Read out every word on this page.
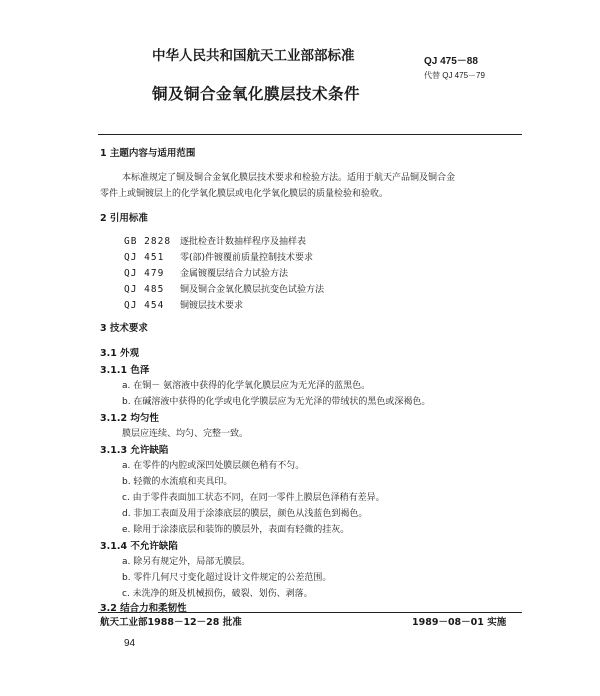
中华人民共和国航天工业部部标准	QJ 475－88
代替 QJ 475－79
铜及铜合金氧化膜层技术条件
1 主题内容与适用范围
本标准规定了铜及铜合金氧化膜层技术要求和检验方法。适用于航天产品铜及铜合金
零件上或铜镀层上的化学氧化膜层或电化学氧化膜层的质量检验和验收。
2 引用标准
GB 2828 逐批检查计数抽样程序及抽样表
QJ 451 零(部)件镀覆前质量控制技术要求
QJ 479 金属镀覆层结合力试验方法
QJ 485 铜及铜合金氧化膜层抗变色试验方法
QJ 454 铜镀层技术要求
3 技术要求
3.1 外观
3.1.1 色泽
a. 在铜－ 氨溶液中获得的化学氧化膜层应为无光泽的蓝黑色。
b. 在碱溶液中获得的化学或电化学膜层应为无光泽的带绒状的黑色或深褐色。
3.1.2 均匀性
膜层应连续、均匀、完整一致。
3.1.3 允许缺陷
a. 在零件的内腔或深凹处膜层颜色稍有不匀。
b. 轻微的水流痕和夹具印。
c. 由于零件表面加工状态不同，在同一零件上膜层色泽稍有差异。
d. 非加工表面及用于涂漆底层的膜层，颜色从浅蓝色到褐色。
e. 除用于涂漆底层和装饰的膜层外，表面有轻微的挂灰。
3.1.4 不允许缺陷
a. 除另有规定外，局部无膜层。
b. 零件几何尺寸变化超过设计文件规定的公差范围。
c. 未洗净的斑及机械损伤，破裂、划伤、剥落。
3.2 结合力和柔韧性
航天工业部1988－12－28 批准	1989－08－01 实施
94
